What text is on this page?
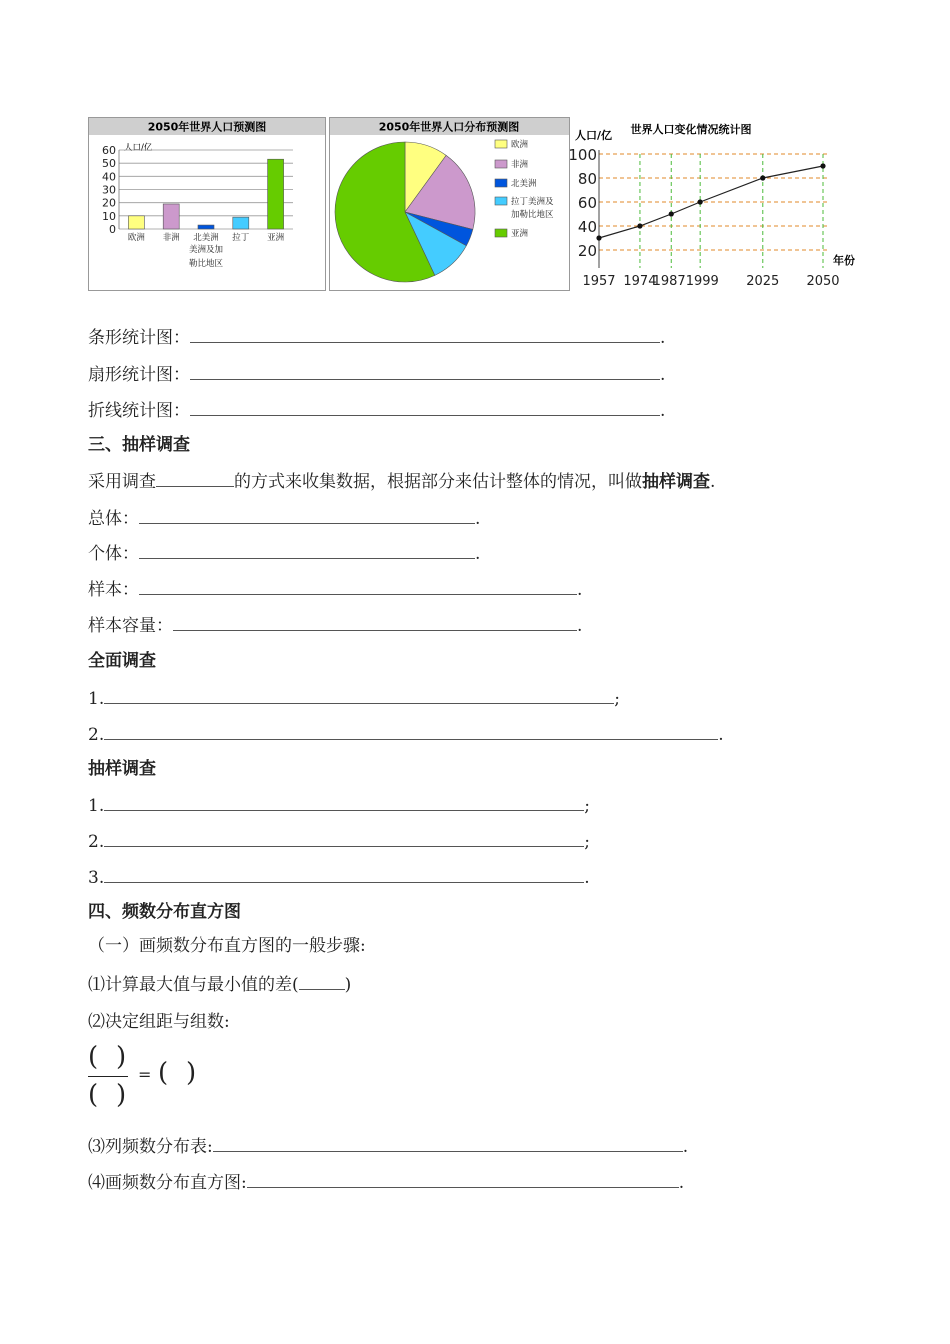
2050年世界人口预测图
人口/亿
0
10
20
30
40
50
60
欧洲 非洲 北美洲 拉丁 亚洲
美洲及加
勒比地区
2050年世界人口分布预测图
欧洲
非洲
北美洲
拉丁美洲及
加勒比地区
亚洲
世界人口变化情况统计图
人口/亿
年份
20
40
60
80
100
1957 1974
19871999 2025 2050
条形统计图：	.
扇形统计图：	.
折线统计图：	.
三、抽样调查
采用调查	的方式来收集数据，根据部分来估计整体的情况，叫做抽样调查.
总体：	.
个体：	.
样本：	.
样本容量：	.
全面调查
1.	;
2.	.
抽样调查
1.	;
2.	;
3.	.
四、频数分布直方图
（一）画频数分布直方图的一般步骤:
⑴计算最大值与最小值的差(	)
⑵决定组距与组数:
( )
( )
= ( )
⑶列频数分布表:	.
⑷画频数分布直方图:	.
